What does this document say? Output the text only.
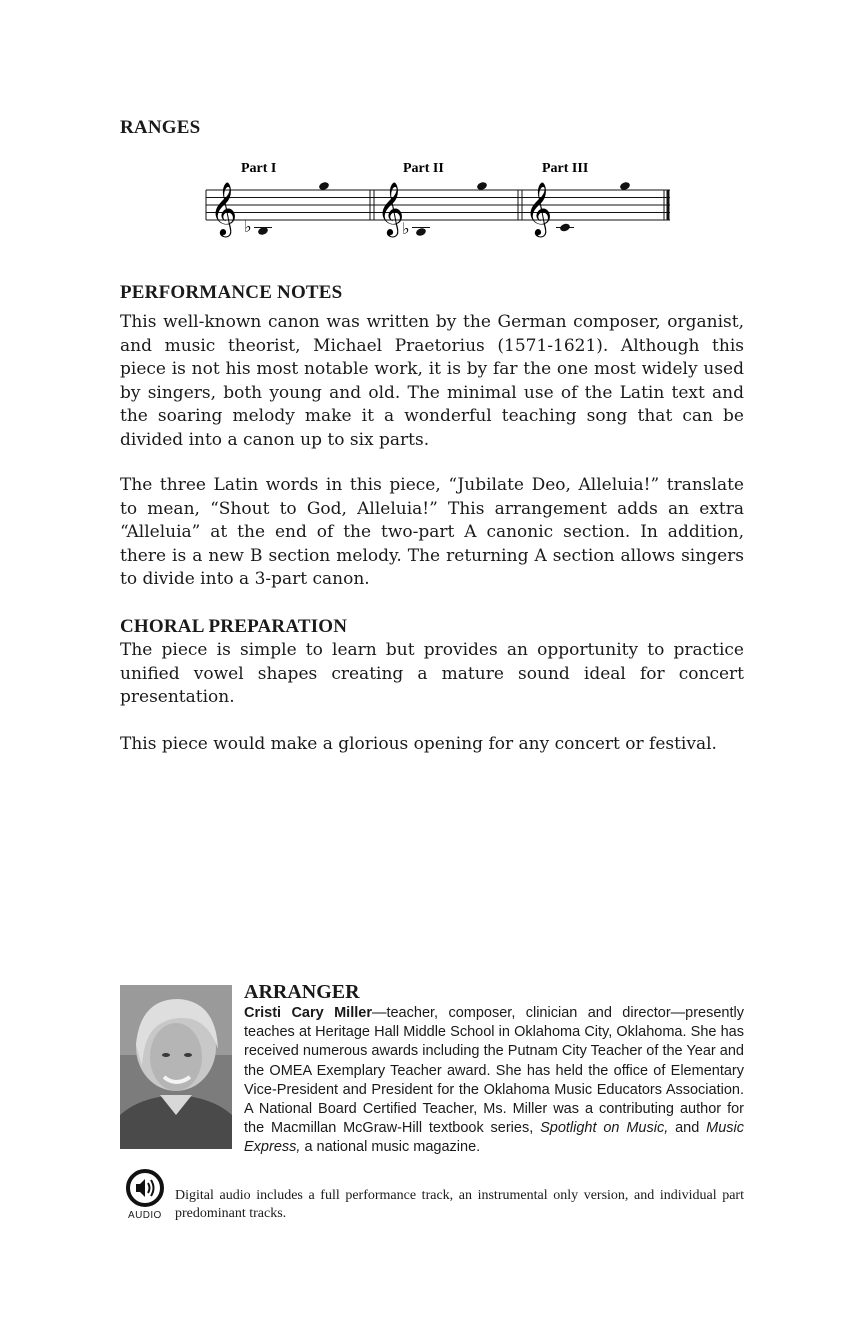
RANGES
Part I	Part II	Part III
𝄞	𝄞	𝄞
♭	♭
PERFORMANCE NOTES
This well-known canon was written by the German composer, organist, and music theorist, Michael Praetorius (1571-1621). Although this piece is not his most notable work, it is by far the one most widely used by singers, both young and old. The minimal use of the Latin text and the soaring melody make it a wonderful teaching song that can be divided into a canon up to six parts.
The three Latin words in this piece, “Jubilate Deo, Alleluia!” translate to mean, “Shout to God, Alleluia!” This arrangement adds an extra “Alleluia” at the end of the two-part A canonic section. In addition, there is a new B section melody. The returning A section allows singers to divide into a 3-part canon.
CHORAL PREPARATION
The piece is simple to learn but provides an opportunity to practice unified vowel shapes creating a mature sound ideal for concert presentation.
This piece would make a glorious opening for any concert or festival.
ARRANGER
Cristi Cary Miller—teacher, composer, clinician and director—presently teaches at Heritage Hall Middle School in Oklahoma City, Oklahoma. She has received numerous awards including the Putnam City Teacher of the Year and the OMEA Exemplary Teacher award. She has held the office of Elementary Vice-President and President for the Oklahoma Music Educators Association. A National Board Certified Teacher, Ms. Miller was a contributing author for the Macmillan McGraw-Hill textbook series, Spotlight on Music, and Music Express, a national music magazine.
AUDIO
Digital audio includes a full performance track, an instrumental only version, and individual part predominant tracks.
